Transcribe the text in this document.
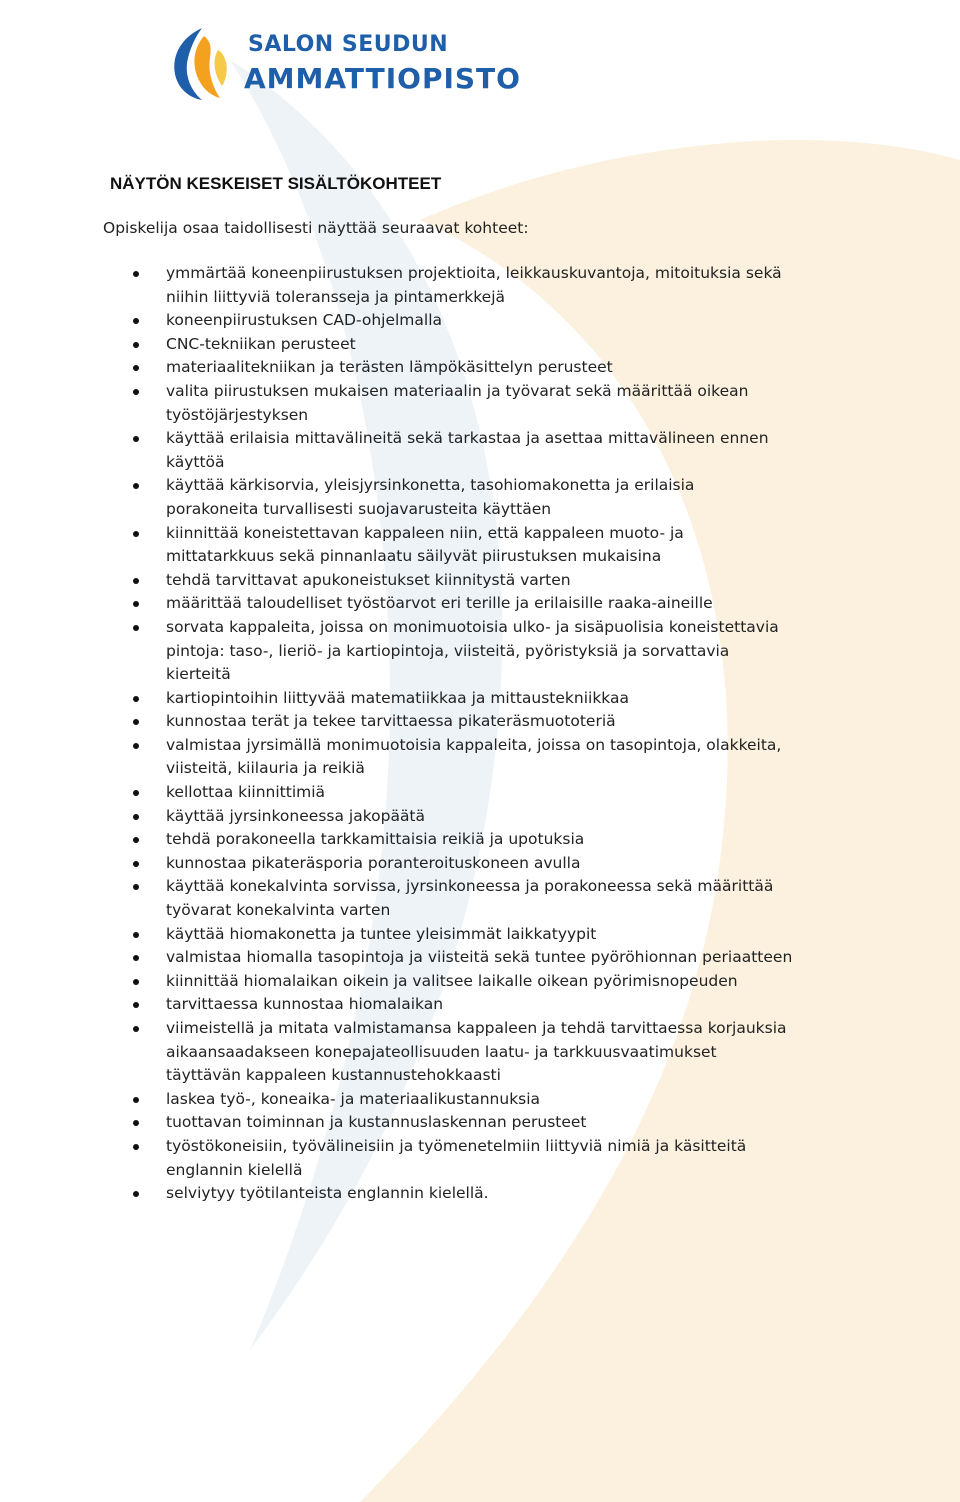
SALON SEUDUN
AMMATTIOPISTO
NÄYTÖN KESKEISET SISÄLTÖKOHTEET

Opiskelija osaa taidollisesti näyttää seuraavat kohteet:

ymmärtää koneenpiirustuksen projektioita, leikkauskuvantoja, mitoituksia sekä
niihin liittyviä toleransseja ja pintamerkkejä
koneenpiirustuksen CAD-ohjelmalla
CNC-tekniikan perusteet
materiaalitekniikan ja terästen lämpökäsittelyn perusteet
valita piirustuksen mukaisen materiaalin ja työvarat sekä määrittää oikean
työstöjärjestyksen
käyttää erilaisia mittavälineitä sekä tarkastaa ja asettaa mittavälineen ennen
käyttöä
käyttää kärkisorvia, yleisjyrsinkonetta, tasohiomakonetta ja erilaisia
porakoneita turvallisesti suojavarusteita käyttäen
kiinnittää koneistettavan kappaleen niin, että kappaleen muoto- ja
mittatarkkuus sekä pinnanlaatu säilyvät piirustuksen mukaisina
tehdä tarvittavat apukoneistukset kiinnitystä varten
määrittää taloudelliset työstöarvot eri terille ja erilaisille raaka-aineille
sorvata kappaleita, joissa on monimuotoisia ulko- ja sisäpuolisia koneistettavia
pintoja: taso-, lieriö- ja kartiopintoja, viisteitä, pyöristyksiä ja sorvattavia
kierteitä
kartiopintoihin liittyvää matematiikkaa ja mittaustekniikkaa
kunnostaa terät ja tekee tarvittaessa pikateräsmuototeriä
valmistaa jyrsimällä monimuotoisia kappaleita, joissa on tasopintoja, olakkeita,
viisteitä, kiilauria ja reikiä
kellottaa kiinnittimiä
käyttää jyrsinkoneessa jakopäätä
tehdä porakoneella tarkkamittaisia reikiä ja upotuksia
kunnostaa pikateräsporia poranteroituskoneen avulla
käyttää konekalvinta sorvissa, jyrsinkoneessa ja porakoneessa sekä määrittää
työvarat konekalvinta varten
käyttää hiomakonetta ja tuntee yleisimmät laikkatyypit
valmistaa hiomalla tasopintoja ja viisteitä sekä tuntee pyöröhionnan periaatteen
kiinnittää hiomalaikan oikein ja valitsee laikalle oikean pyörimisnopeuden
tarvittaessa kunnostaa hiomalaikan
viimeistellä ja mitata valmistamansa kappaleen ja tehdä tarvittaessa korjauksia
aikaansaadakseen konepajateollisuuden laatu- ja tarkkuusvaatimukset
täyttävän kappaleen kustannustehokkaasti
laskea työ-, koneaika- ja materiaalikustannuksia
tuottavan toiminnan ja kustannuslaskennan perusteet
työstökoneisiin, työvälineisiin ja työmenetelmiin liittyviä nimiä ja käsitteitä
englannin kielellä
selviytyy työtilanteista englannin kielellä.
